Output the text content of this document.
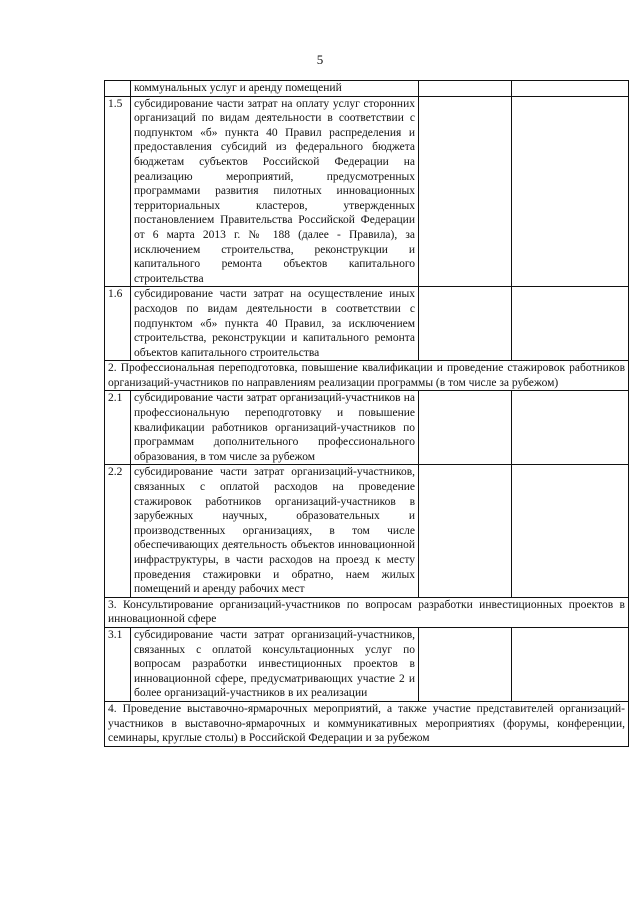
5
	коммунальных услуг и аренду помещений		
1.5	субсидирование части затрат на оплату услуг сторонних организаций по видам деятельности в соответствии с подпунктом «б» пункта 40 Правил распределения и предоставления субсидий из федерального бюджета бюджетам субъектов Российской Федерации на реализацию мероприятий, предусмотренных программами развития пилотных инновационных территориальных кластеров, утвержденных постановлением Правительства Российской Федерации от 6 марта 2013 г. № 188 (далее - Правила), за исключением строительства, реконструкции и капитального ремонта объектов капитального строительства		
1.6	субсидирование части затрат на осуществление иных расходов по видам деятельности в соответствии с подпунктом «б» пункта 40 Правил, за исключением строительства, реконструкции и капитального ремонта объектов капитального строительства		
2. Профессиональная переподготовка, повышение квалификации и проведение стажировок работников организаций-участников по направлениям реализации программы (в том числе за рубежом)			
2.1	субсидирование части затрат организаций-участников на профессиональную переподготовку и повышение квалификации работников организаций-участников по программам дополнительного профессионального образования, в том числе за рубежом		
2.2	субсидирование части затрат организаций-участников, связанных с оплатой расходов на проведение стажировок работников организаций-участников в зарубежных научных, образовательных и производственных организациях, в том числе обеспечивающих деятельность объектов инновационной инфраструктуры, в части расходов на проезд к месту проведения стажировки и обратно, наем жилых помещений и аренду рабочих мест		
3. Консультирование организаций-участников по вопросам разработки инвестиционных проектов в инновационной сфере			
3.1	субсидирование части затрат организаций-участников, связанных с оплатой консультационных услуг по вопросам разработки инвестиционных проектов в инновационной сфере, предусматривающих участие 2 и более организаций-участников в их реализации		
4. Проведение выставочно-ярмарочных мероприятий, а также участие представителей организаций-участников в выставочно-ярмарочных и коммуникативных мероприятиях (форумы, конференции, семинары, круглые столы) в Российской Федерации и за рубежом			
